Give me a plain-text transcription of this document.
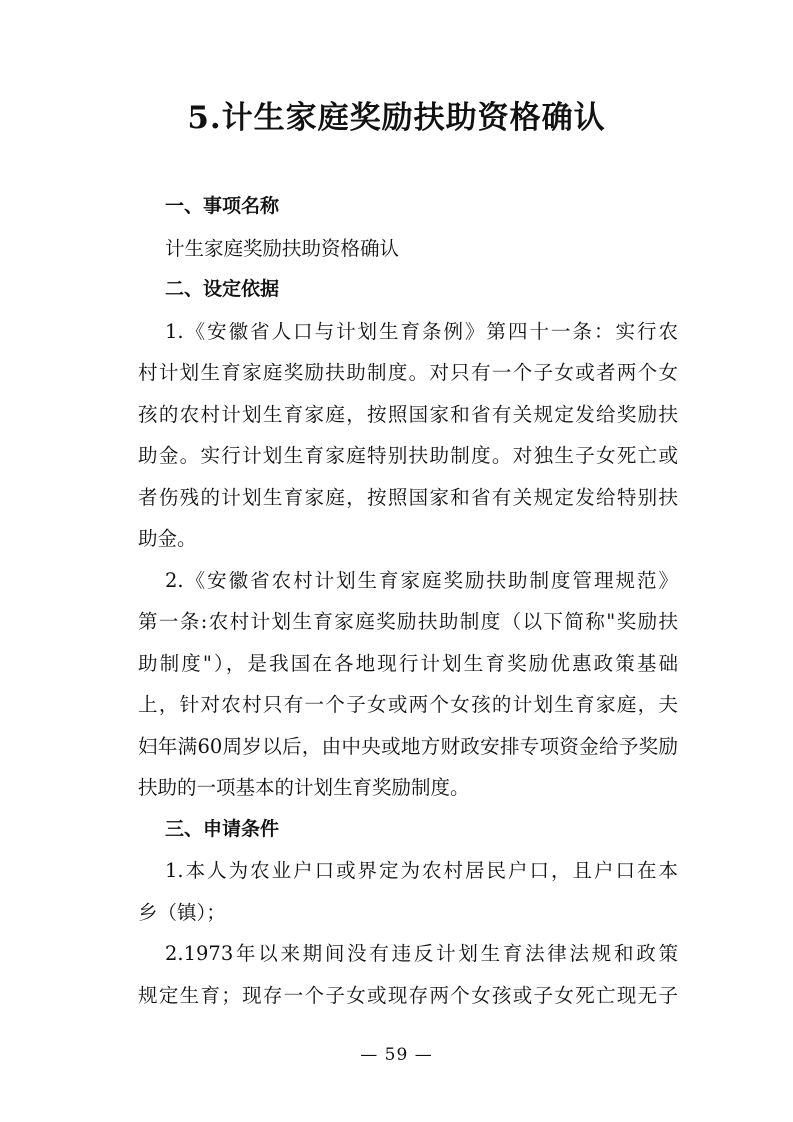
5.计生家庭奖励扶助资格确认
一、事项名称
计生家庭奖励扶助资格确认
二、设定依据
1.《安徽省人口与计划生育条例》第四十一条：实行农
村计划生育家庭奖励扶助制度。对只有一个子女或者两个女
孩的农村计划生育家庭，按照国家和省有关规定发给奖励扶
助金。实行计划生育家庭特别扶助制度。对独生子女死亡或
者伤残的计划生育家庭，按照国家和省有关规定发给特别扶
助金。
2.《安徽省农村计划生育家庭奖励扶助制度管理规范》
第一条:农村计划生育家庭奖励扶助制度（以下简称"奖励扶
助制度"），是我国在各地现行计划生育奖励优惠政策基础
上，针对农村只有一个子女或两个女孩的计划生育家庭，夫
妇年满60周岁以后，由中央或地方财政安排专项资金给予奖励
扶助的一项基本的计划生育奖励制度。
三、申请条件
1.本人为农业户口或界定为农村居民户口，且户口在本
乡（镇）；
2.1973年以来期间没有违反计划生育法律法规和政策
规定生育；现存一个子女或现存两个女孩或子女死亡现无子
— 59 —
